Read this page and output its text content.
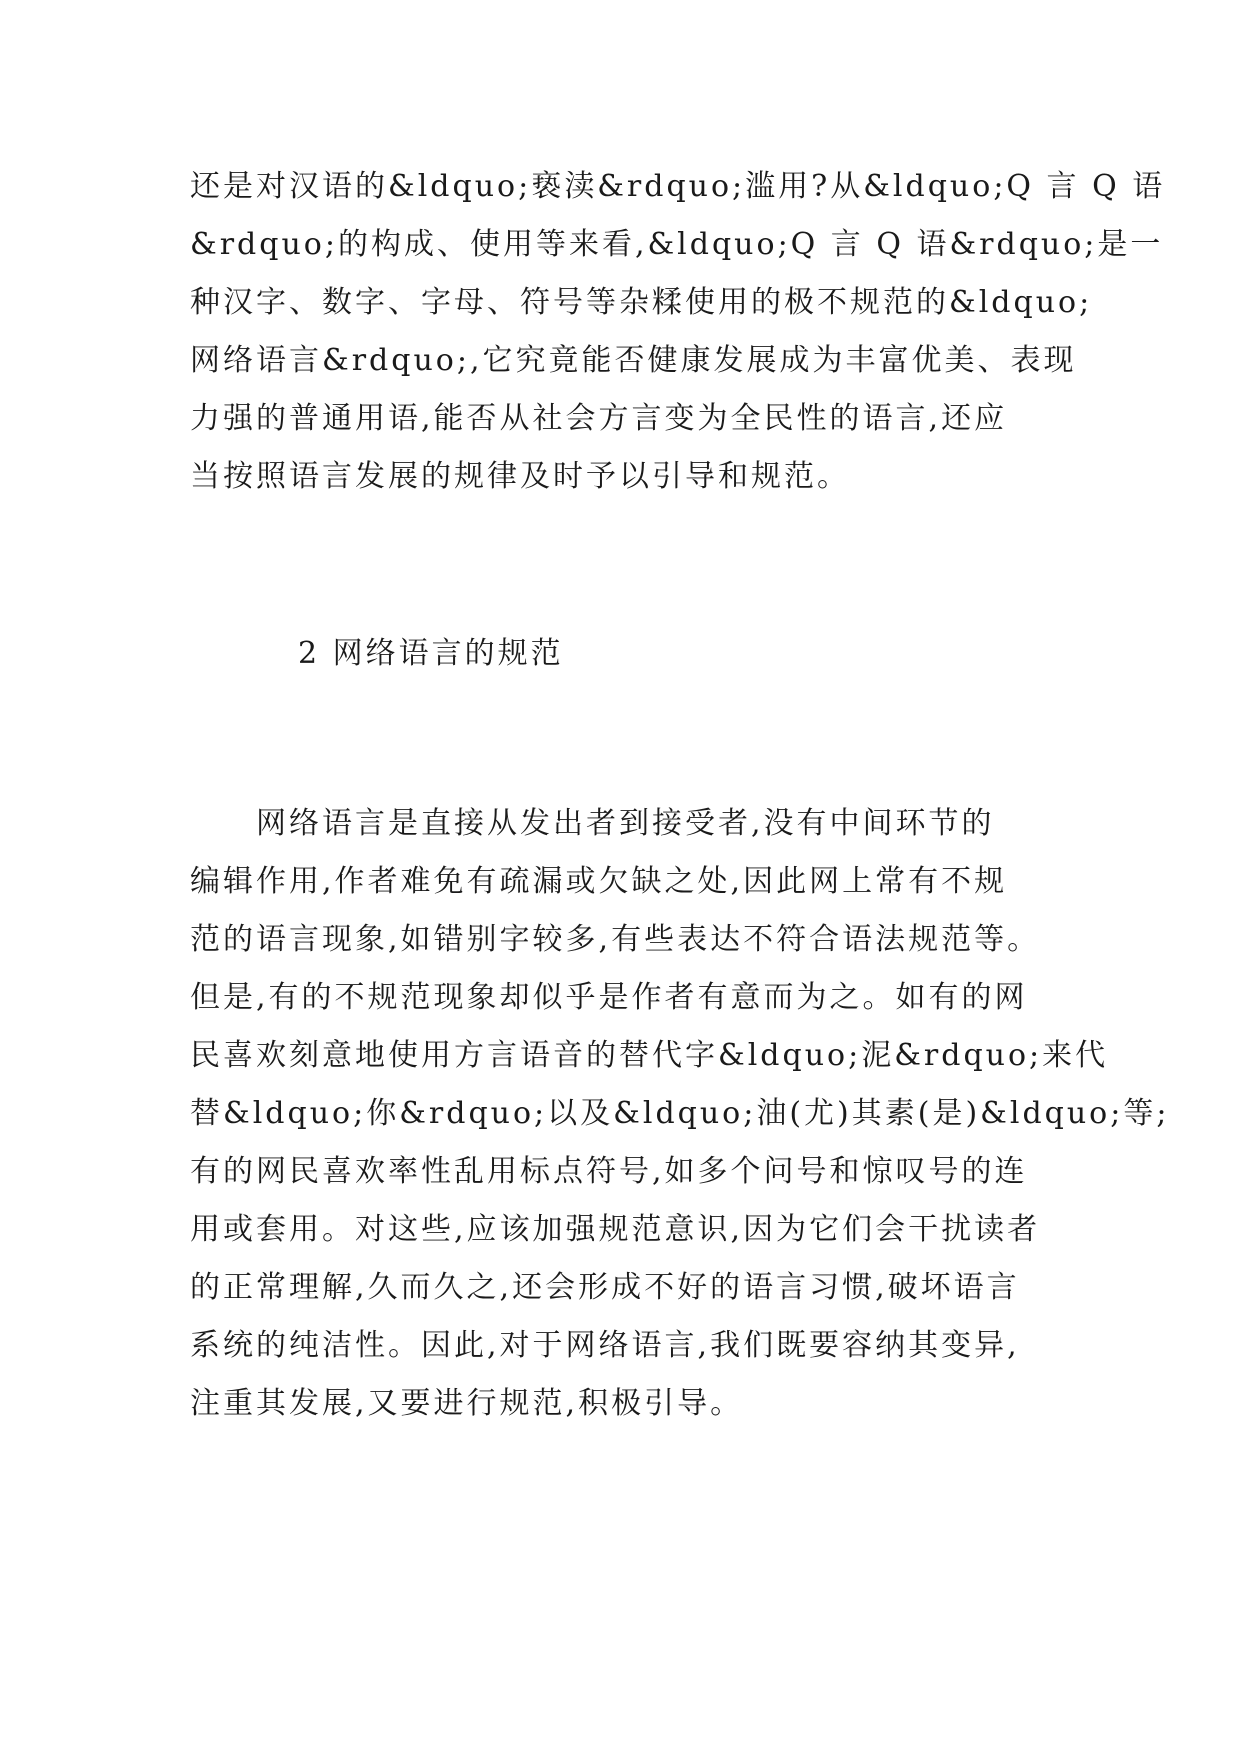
还是对汉语的&ldquo;亵渎&rdquo;滥用?从&ldquo;Q 言 Q 语
&rdquo;的构成、使用等来看,&ldquo;Q 言 Q 语&rdquo;是一
种汉字、数字、字母、符号等杂糅使用的极不规范的&ldquo;
网络语言&rdquo;,它究竟能否健康发展成为丰富优美、表现
力强的普通用语,能否从社会方言变为全民性的语言,还应
当按照语言发展的规律及时予以引导和规范。
2 网络语言的规范
　　网络语言是直接从发出者到接受者,没有中间环节的
编辑作用,作者难免有疏漏或欠缺之处,因此网上常有不规
范的语言现象,如错别字较多,有些表达不符合语法规范等。
但是,有的不规范现象却似乎是作者有意而为之。如有的网
民喜欢刻意地使用方言语音的替代字&ldquo;泥&rdquo;来代
替&ldquo;你&rdquo;以及&ldquo;油(尤)其素(是)&ldquo;等;
有的网民喜欢率性乱用标点符号,如多个问号和惊叹号的连
用或套用。对这些,应该加强规范意识,因为它们会干扰读者
的正常理解,久而久之,还会形成不好的语言习惯,破坏语言
系统的纯洁性。因此,对于网络语言,我们既要容纳其变异,
注重其发展,又要进行规范,积极引导。
